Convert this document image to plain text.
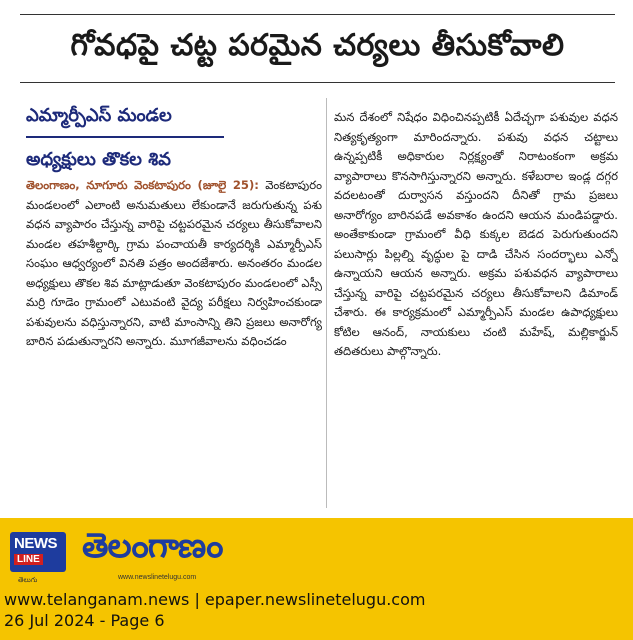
గోవధపై చట్ట పరమైన చర్యలు తీసుకోవాలి
ఎమ్మార్పీఎస్ మండల
అధ్యక్షులు తొకల శివ

తెలంగాణం, నూగూరు వెంకటాపురం (జూలై 25): వెంకటాపురం మండలంలో ఎలాంటి అనుమతులు లేకుండానే జరుగుతున్న పశు వధన వ్యాపారం చేస్తున్న వారిపై చట్టపరమైన చర్యలు తీసుకోవాలని మండల తహశీల్దార్కి గ్రామ పంచాయతీ కార్యదర్శికి ఎమ్మార్పీఎస్ సంఘం ఆధ్వర్యంలో వినతి పత్రం అందజేశారు. అనంతరం మండల అధ్యక్షులు తొకల శివ మాట్లాడుతూ వెంకటాపురం మండలంలో ఎస్సీ మర్రి గూడెం గ్రామంలో ఎటువంటి వైద్య పరీక్షలు నిర్వహించకుండా పశువులను వధిస్తున్నారని, వాటి మాంసాన్ని తిని ప్రజలు అనారోగ్య బారిన పడుతున్నారని అన్నారు. మూగజీవాలను వధించడం

మన దేశంలో నిషేధం విధించినప్పటికీ ఏదేచ్ఛగా పశువుల వధన నిత్యకృత్యంగా మారిందన్నారు. పశువు వధన చట్టాలు ఉన్నప్పటికీ అధికారుల నిర్లక్ష్యంతో నిరాటంకంగా అక్రమ వ్యాపారాలు కొనసాగిస్తున్నారని అన్నారు. కళేబరాల ఇండ్ల దగ్గర వదలటంతో దుర్వాసన వస్తుందని దీనితో గ్రామ ప్రజలు అనారోగ్యం బారినపడే అవకాశం ఉందని ఆయన మండిపడ్డారు. అంతేకాకుండా గ్రామంలో వీధి కుక్కల బెడద పెరుగుతుందని పలుసార్లు పిల్లల్ని వృద్ధుల పై దాడి చేసిన సందర్భాలు ఎన్నో ఉన్నాయని ఆయన అన్నారు. అక్రమ పశువధన వ్యాపారాలు చేస్తున్న వారిపై చట్టపరమైన చర్యలు తీసుకోవాలని డిమాండ్ చేశారు. ఈ కార్యక్రమంలో ఎమ్మార్పీఎస్ మండల ఉపాధ్యక్షులు కోటిల ఆనంద్, నాయకులు చంటి మహేష్, మల్లికార్జున్ తదితరులు పాల్గొన్నారు.

NEWS
LINE
తెలుగు
తెలంగాణం
www.newslinetelugu.com
www.telanganam.news | epaper.newslinetelugu.com
26 Jul 2024 - Page 6
